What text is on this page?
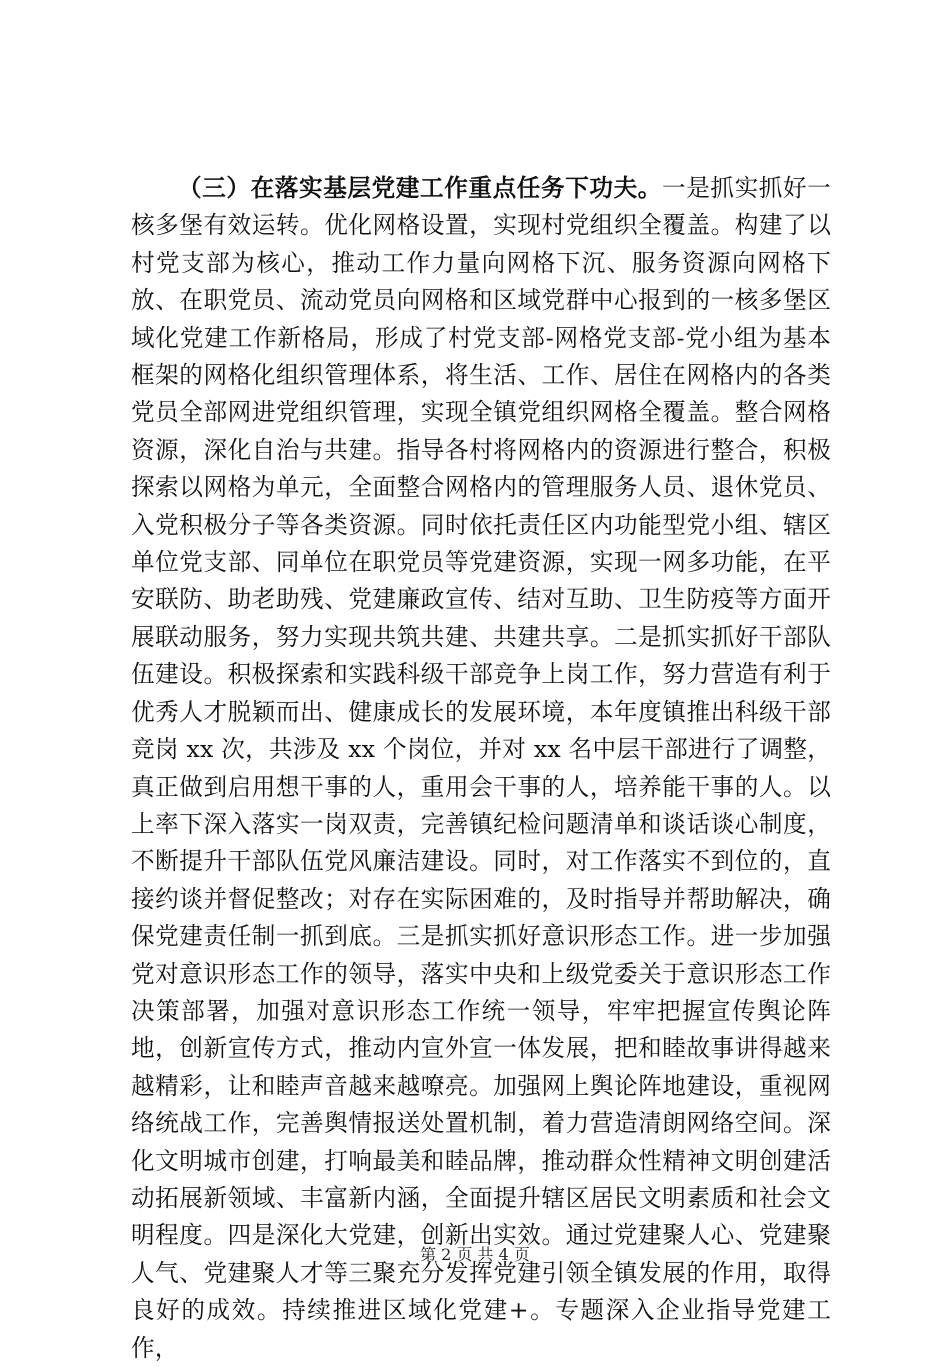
（三）在落实基层党建工作重点任务下功夫。一是抓实抓好一核多堡有效运转。优化网格设置，实现村党组织全覆盖。构建了以村党支部为核心，推动工作力量向网格下沉、服务资源向网格下放、在职党员、流动党员向网格和区域党群中心报到的一核多堡区域化党建工作新格局，形成了村党支部-网格党支部-党小组为基本框架的网格化组织管理体系，将生活、工作、居住在网格内的各类党员全部网进党组织管理，实现全镇党组织网格全覆盖。整合网格资源，深化自治与共建。指导各村将网格内的资源进行整合，积极探索以网格为单元，全面整合网格内的管理服务人员、退休党员、入党积极分子等各类资源。同时依托责任区内功能型党小组、辖区单位党支部、同单位在职党员等党建资源，实现一网多功能，在平安联防、助老助残、党建廉政宣传、结对互助、卫生防疫等方面开展联动服务，努力实现共筑共建、共建共享。二是抓实抓好干部队伍建设。积极探索和实践科级干部竞争上岗工作，努力营造有利于优秀人才脱颖而出、健康成长的发展环境，本年度镇推出科级干部竞岗 xx 次，共涉及 xx 个岗位，并对 xx 名中层干部进行了调整，真正做到启用想干事的人，重用会干事的人，培养能干事的人。以上率下深入落实一岗双责，完善镇纪检问题清单和谈话谈心制度，不断提升干部队伍党风廉洁建设。同时，对工作落实不到位的，直接约谈并督促整改；对存在实际困难的，及时指导并帮助解决，确保党建责任制一抓到底。三是抓实抓好意识形态工作。进一步加强党对意识形态工作的领导，落实中央和上级党委关于意识形态工作决策部署，加强对意识形态工作统一领导，牢牢把握宣传舆论阵地，创新宣传方式，推动内宣外宣一体发展，把和睦故事讲得越来越精彩，让和睦声音越来越嘹亮。加强网上舆论阵地建设，重视网络统战工作，完善舆情报送处置机制，着力营造清朗网络空间。深化文明城市创建，打响最美和睦品牌，推动群众性精神文明创建活动拓展新领域、丰富新内涵，全面提升辖区居民文明素质和社会文明程度。四是深化大党建，创新出实效。通过党建聚人心、党建聚人气、党建聚人才等三聚充分发挥党建引领全镇发展的作用，取得良好的成效。持续推进区域化党建+。专题深入企业指导党建工作，

第 2 页 共 4 页
